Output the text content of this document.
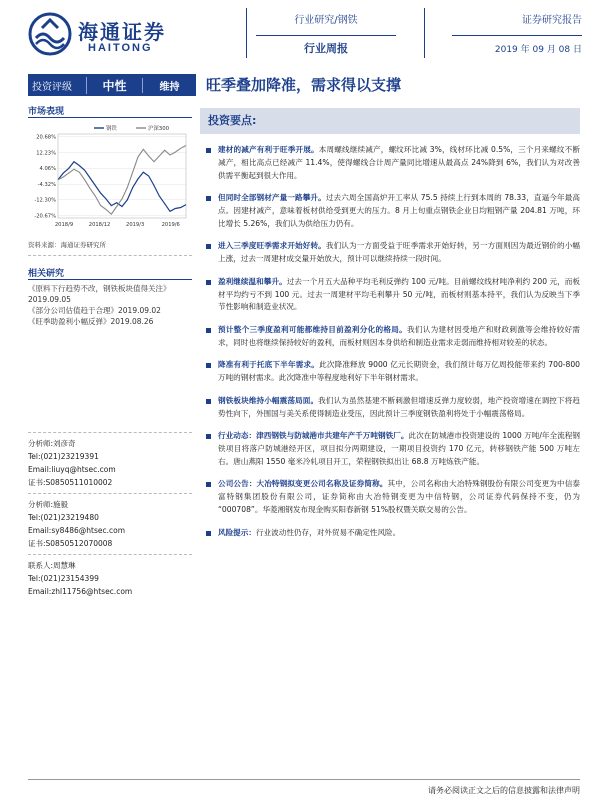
海通证券
HAITONG
行业研究/钢铁
行业周报
证券研究报告
2019 年 09 月 08 日
投资评级	中性	维持	旺季叠加降准，需求得以支撑
市场表现
20.68%
12.23%
4.06%
-4.32%
-12.30%
-20.67%
2018/9	2018/12	2019/3	2019/6
钢铁	沪深300
资料来源：海通证券研究所
相关研究
《原料下行趋势不改，钢铁板块值得关注》2019.09.05
《部分公司估值趋于合理》2019.09.02
《旺季助盈利小幅反弹》2019.08.26
分析师:刘彦奇
Tel:(021)23219391
Email:liuyq@htsec.com
证书:S0850511010002
分析师:施毅
Tel:(021)23219480
Email:sy8486@htsec.com
证书:S0850512070008
联系人:周慧琳
Tel:(021)23154399
Email:zhl11756@htsec.com
投资要点:
建材的减产有利于旺季开展。本周螺线继续减产，螺纹环比减 3%，线材环比减 0.5%，三个月来螺纹不断减产，相比高点已经减产 11.4%，使得螺线合计周产量同比增速从最高点 24%降到 6%，我们认为对改善供需平衡起到很大作用。
但同时全部钢材产量一路攀升。过去六周全国高炉开工率从 75.5 持续上行到本周的 78.33，直逼今年最高点。因建材减产，意味着板材供给受到更大的压力。8 月上旬重点钢铁企业日均粗钢产量 204.81 万吨，环比增长 5.26%，我们认为供给压力仍有。
进入三季度旺季需求开始好转。我们认为一方面受益于旺季需求开始好转，另一方面则因为最近钢价的小幅上涨，过去一周建材成交量开始放大，预计可以继续持续一段时间。
盈利继续温和攀升。过去一个月五大品种平均毛利反弹约 100 元/吨。目前螺纹线材吨净利约 200 元，而板材平均约亏不到 100 元。过去一周建材平均毛利攀升 50 元/吨，而板材则基本持平，我们认为反映当下季节性影响和制造业状况。
预计整个三季度盈利可能都维持目前盈利分化的格局。我们认为建材因受地产和财政刺激等会维持较好需求，同时也将继续保持较好的盈利，而板材则因本身供给和制造业需求走弱而维持相对较差的状态。
降准有利于托底下半年需求。此次降准释放 9000 亿元长期资金，我们预计每万亿周投能带来约 700-800 万吨的钢材需求。此次降准中等程度地利好下半年钢材需求。
钢铁板块维持小幅震荡局面。我们认为虽然基建不断刺激但增速反弹力度较弱，地产投资增速在调控下将趋势性向下，外围国与美关系使得制造业受压，因此预计三季度钢铁盈利将处于小幅震荡格局。
行业动态：津西钢铁与防城港市共建年产千万吨钢铁厂。此次在防城港市投资建设的 1000 万吨/年全流程钢铁项目将落户防城港经开区，项目拟分两期建设，一期项目投资约 170 亿元，转移钢铁产能 500 万吨左右。唐山燕阳 1550 毫米冷轧项目开工，荣程钢铁拟出让 68.8 万吨炼铁产能。
公司公告：大冶特钢拟变更公司名称及证券简称。其中，公司名称由大冶特殊钢股份有限公司变更为中信泰富特钢集团股份有限公司，证券简称由大冶特钢变更为中信特钢，公司证券代码保持不变，仍为 “000708”。华菱湘钢发布现金购买阳春新钢 51%股权暨关联交易的公告。
风险提示：行业波动性仍存，对外贸易不确定性风险。
请务必阅读正文之后的信息披露和法律声明
